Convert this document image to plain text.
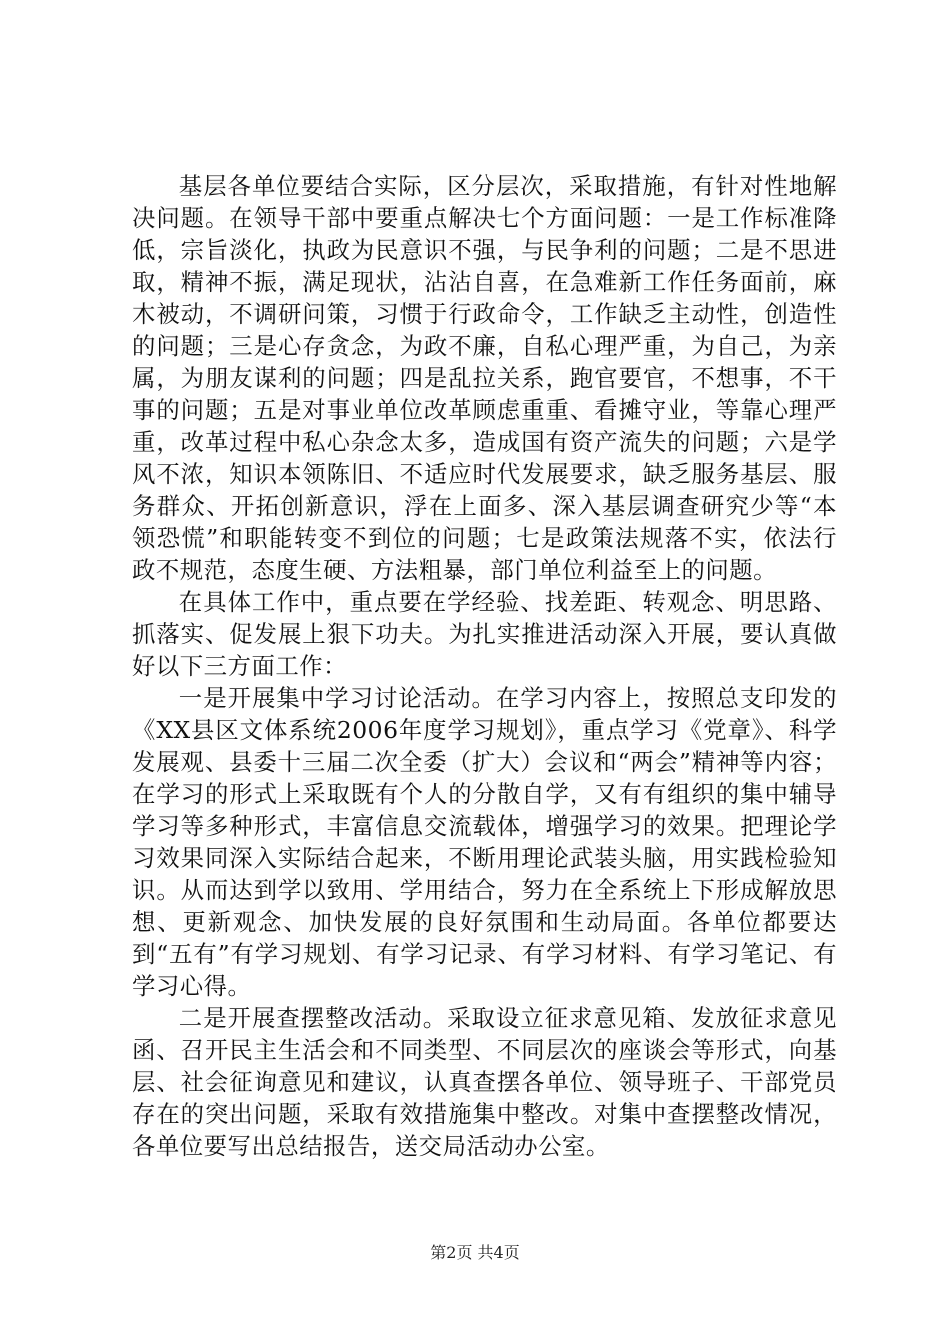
基层各单位要结合实际，区分层次，采取措施，有针对性地解决问题。在领导干部中要重点解决七个方面问题：一是工作标准降低，宗旨淡化，执政为民意识不强，与民争利的问题；二是不思进取，精神不振，满足现状，沾沾自喜，在急难新工作任务面前，麻木被动，不调研问策，习惯于行政命令，工作缺乏主动性，创造性的问题；三是心存贪念，为政不廉，自私心理严重，为自己，为亲属，为朋友谋利的问题；四是乱拉关系，跑官要官，不想事，不干事的问题；五是对事业单位改革顾虑重重、看摊守业，等靠心理严重，改革过程中私心杂念太多，造成国有资产流失的问题；六是学风不浓，知识本领陈旧、不适应时代发展要求，缺乏服务基层、服务群众、开拓创新意识，浮在上面多、深入基层调查研究少等“本领恐慌”和职能转变不到位的问题；七是政策法规落不实，依法行政不规范，态度生硬、方法粗暴，部门单位利益至上的问题。

在具体工作中，重点要在学经验、找差距、转观念、明思路、抓落实、促发展上狠下功夫。为扎实推进活动深入开展，要认真做好以下三方面工作：

一是开展集中学习讨论活动。在学习内容上，按照总支印发的《XX县区文体系统2006年度学习规划》，重点学习《党章》、科学发展观、县委十三届二次全委（扩大）会议和“两会”精神等内容；在学习的形式上采取既有个人的分散自学，又有有组织的集中辅导学习等多种形式，丰富信息交流载体，增强学习的效果。把理论学习效果同深入实际结合起来，不断用理论武装头脑，用实践检验知识。从而达到学以致用、学用结合，努力在全系统上下形成解放思想、更新观念、加快发展的良好氛围和生动局面。各单位都要达到“五有”有学习规划、有学习记录、有学习材料、有学习笔记、有学习心得。

二是开展查摆整改活动。采取设立征求意见箱、发放征求意见函、召开民主生活会和不同类型、不同层次的座谈会等形式，向基层、社会征询意见和建议，认真查摆各单位、领导班子、干部党员存在的突出问题，采取有效措施集中整改。对集中查摆整改情况，各单位要写出总结报告，送交局活动办公室。

第2页 共4页
